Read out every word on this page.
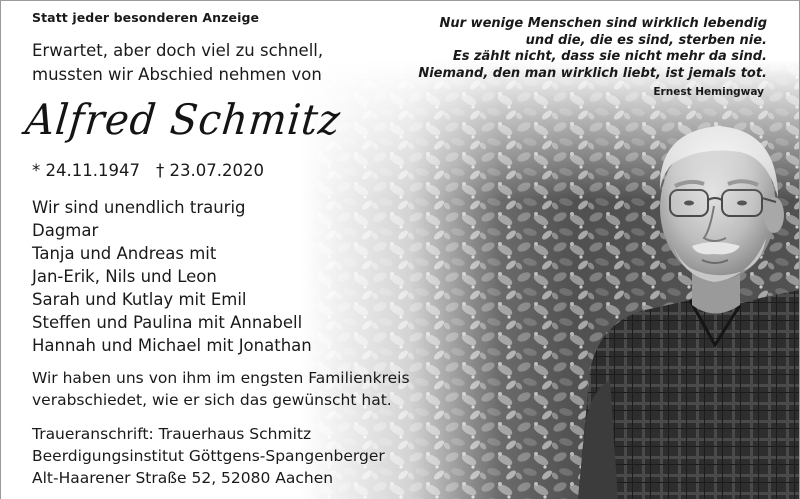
Statt jeder besonderen Anzeige
Erwartet, aber doch viel zu schnell,
mussten wir Abschied nehmen von
Alfred Schmitz
* 24.11.1947 † 23.07.2020
Wir sind unendlich traurig
Dagmar
Tanja und Andreas mit
Jan-Erik, Nils und Leon
Sarah und Kutlay mit Emil
Steffen und Paulina mit Annabell
Hannah und Michael mit Jonathan
Wir haben uns von ihm im engsten Familienkreis
verabschiedet, wie er sich das gewünscht hat.
Traueranschrift: Trauerhaus Schmitz
Beerdigungsinstitut Göttgens-Spangenberger
Alt-Haarener Straße 52, 52080 Aachen
Nur wenige Menschen sind wirklich lebendig
und die, die es sind, sterben nie.
Es zählt nicht, dass sie nicht mehr da sind.
Niemand, den man wirklich liebt, ist jemals tot.
Ernest Hemingway
